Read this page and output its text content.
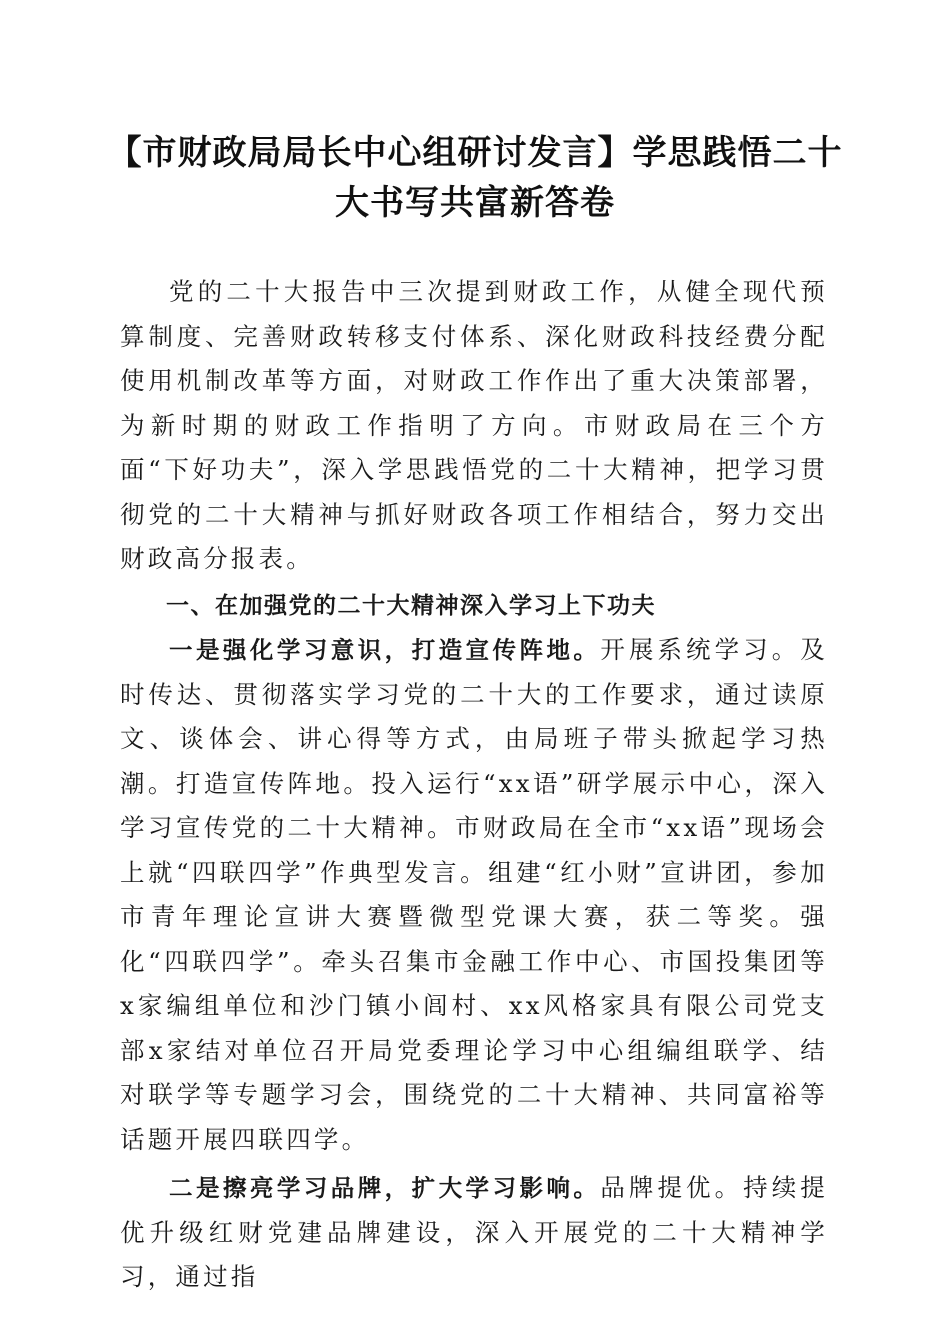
【市财政局局长中心组研讨发言】学思践悟二十大书写共富新答卷

党的二十大报告中三次提到财政工作，从健全现代预算制度、完善财政转移支付体系、深化财政科技经费分配使用机制改革等方面，对财政工作作出了重大决策部署，为新时期的财政工作指明了方向。市财政局在三个方面“下好功夫”，深入学思践悟党的二十大精神，把学习贯彻党的二十大精神与抓好财政各项工作相结合，努力交出财政高分报表。

一、在加强党的二十大精神深入学习上下功夫

一是强化学习意识，打造宣传阵地。开展系统学习。及时传达、贯彻落实学习党的二十大的工作要求，通过读原文、谈体会、讲心得等方式，由局班子带头掀起学习热潮。打造宣传阵地。投入运行“xx语”研学展示中心，深入学习宣传党的二十大精神。市财政局在全市“xx语”现场会上就“四联四学”作典型发言。组建“红小财”宣讲团，参加市青年理论宣讲大赛暨微型党课大赛，获二等奖。强化“四联四学”。牵头召集市金融工作中心、市国投集团等x家编组单位和沙门镇小闾村、xx风格家具有限公司党支部x家结对单位召开局党委理论学习中心组编组联学、结对联学等专题学习会，围绕党的二十大精神、共同富裕等话题开展四联四学。

二是擦亮学习品牌，扩大学习影响。品牌提优。持续提优升级红财党建品牌建设，深入开展党的二十大精神学习，通过指
